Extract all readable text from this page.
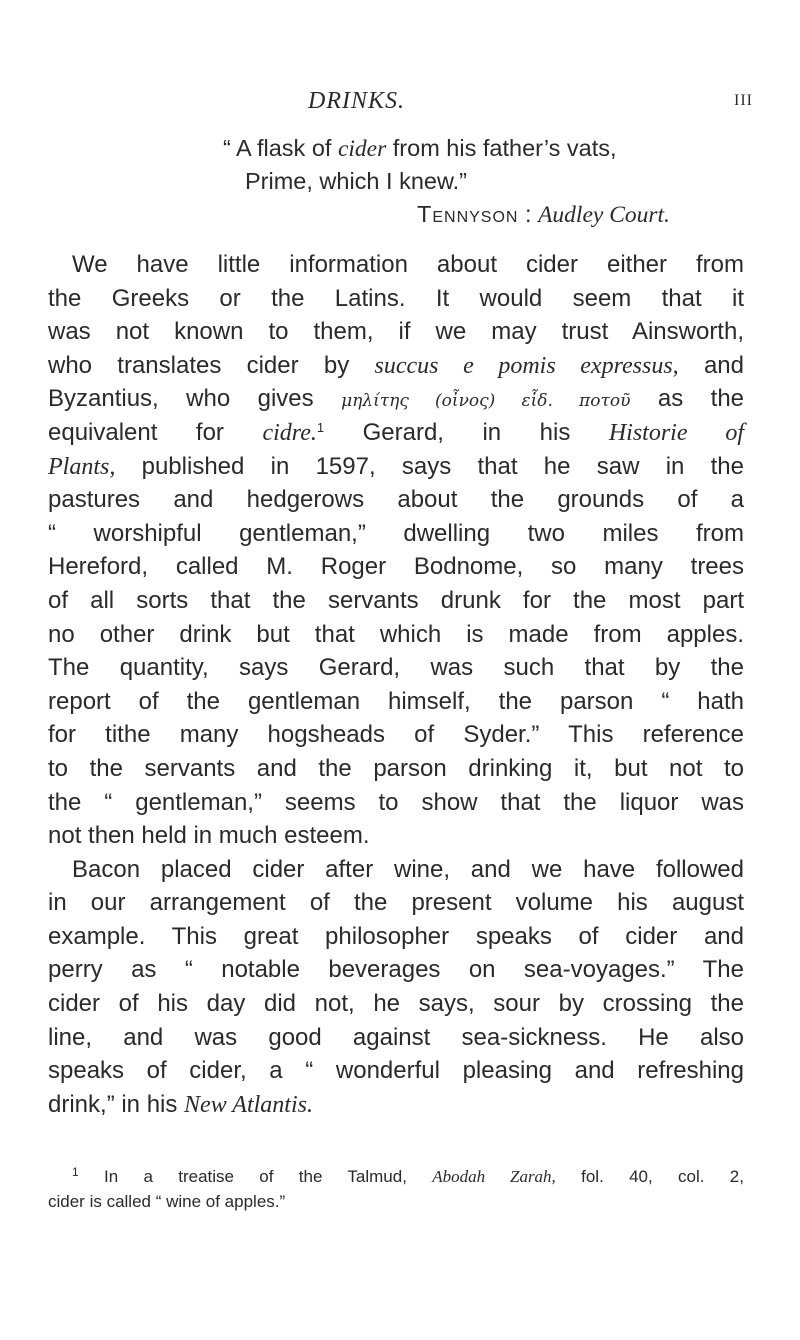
DRINKS.	III
“ A flask of cider from his father’s vats,
Prime, which I knew.”
Tennyson : Audley Court.
We have little information about cider either from
the Greeks or the Latins. It would seem that it
was not known to them, if we may trust Ainsworth,
who translates cider by succus e pomis expressus, and
Byzantius, who gives μηλίτης (οἶνος) εἶδ. ποτοῦ as the
equivalent for cidre.$^1$ Gerard, in his Historie of
Plants, published in 1597, says that he saw in the
pastures and hedgerows about the grounds of a
“ worshipful gentleman,” dwelling two miles from
Hereford, called M. Roger Bodnome, so many trees
of all sorts that the servants drunk for the most part
no other drink but that which is made from apples.
The quantity, says Gerard, was such that by the
report of the gentleman himself, the parson “ hath
for tithe many hogsheads of Syder.” This reference
to the servants and the parson drinking it, but not to
the “ gentleman,” seems to show that the liquor was
not then held in much esteem.
Bacon placed cider after wine, and we have followed
in our arrangement of the present volume his august
example. This great philosopher speaks of cider and
perry as “ notable beverages on sea-voyages.” The
cider of his day did not, he says, sour by crossing the
line, and was good against sea-sickness. He also
speaks of cider, a “ wonderful pleasing and refreshing
drink,” in his New Atlantis.
$^1$ In a treatise of the Talmud, Abodah Zarah, fol. 40, col. 2,
cider is called “ wine of apples.”
